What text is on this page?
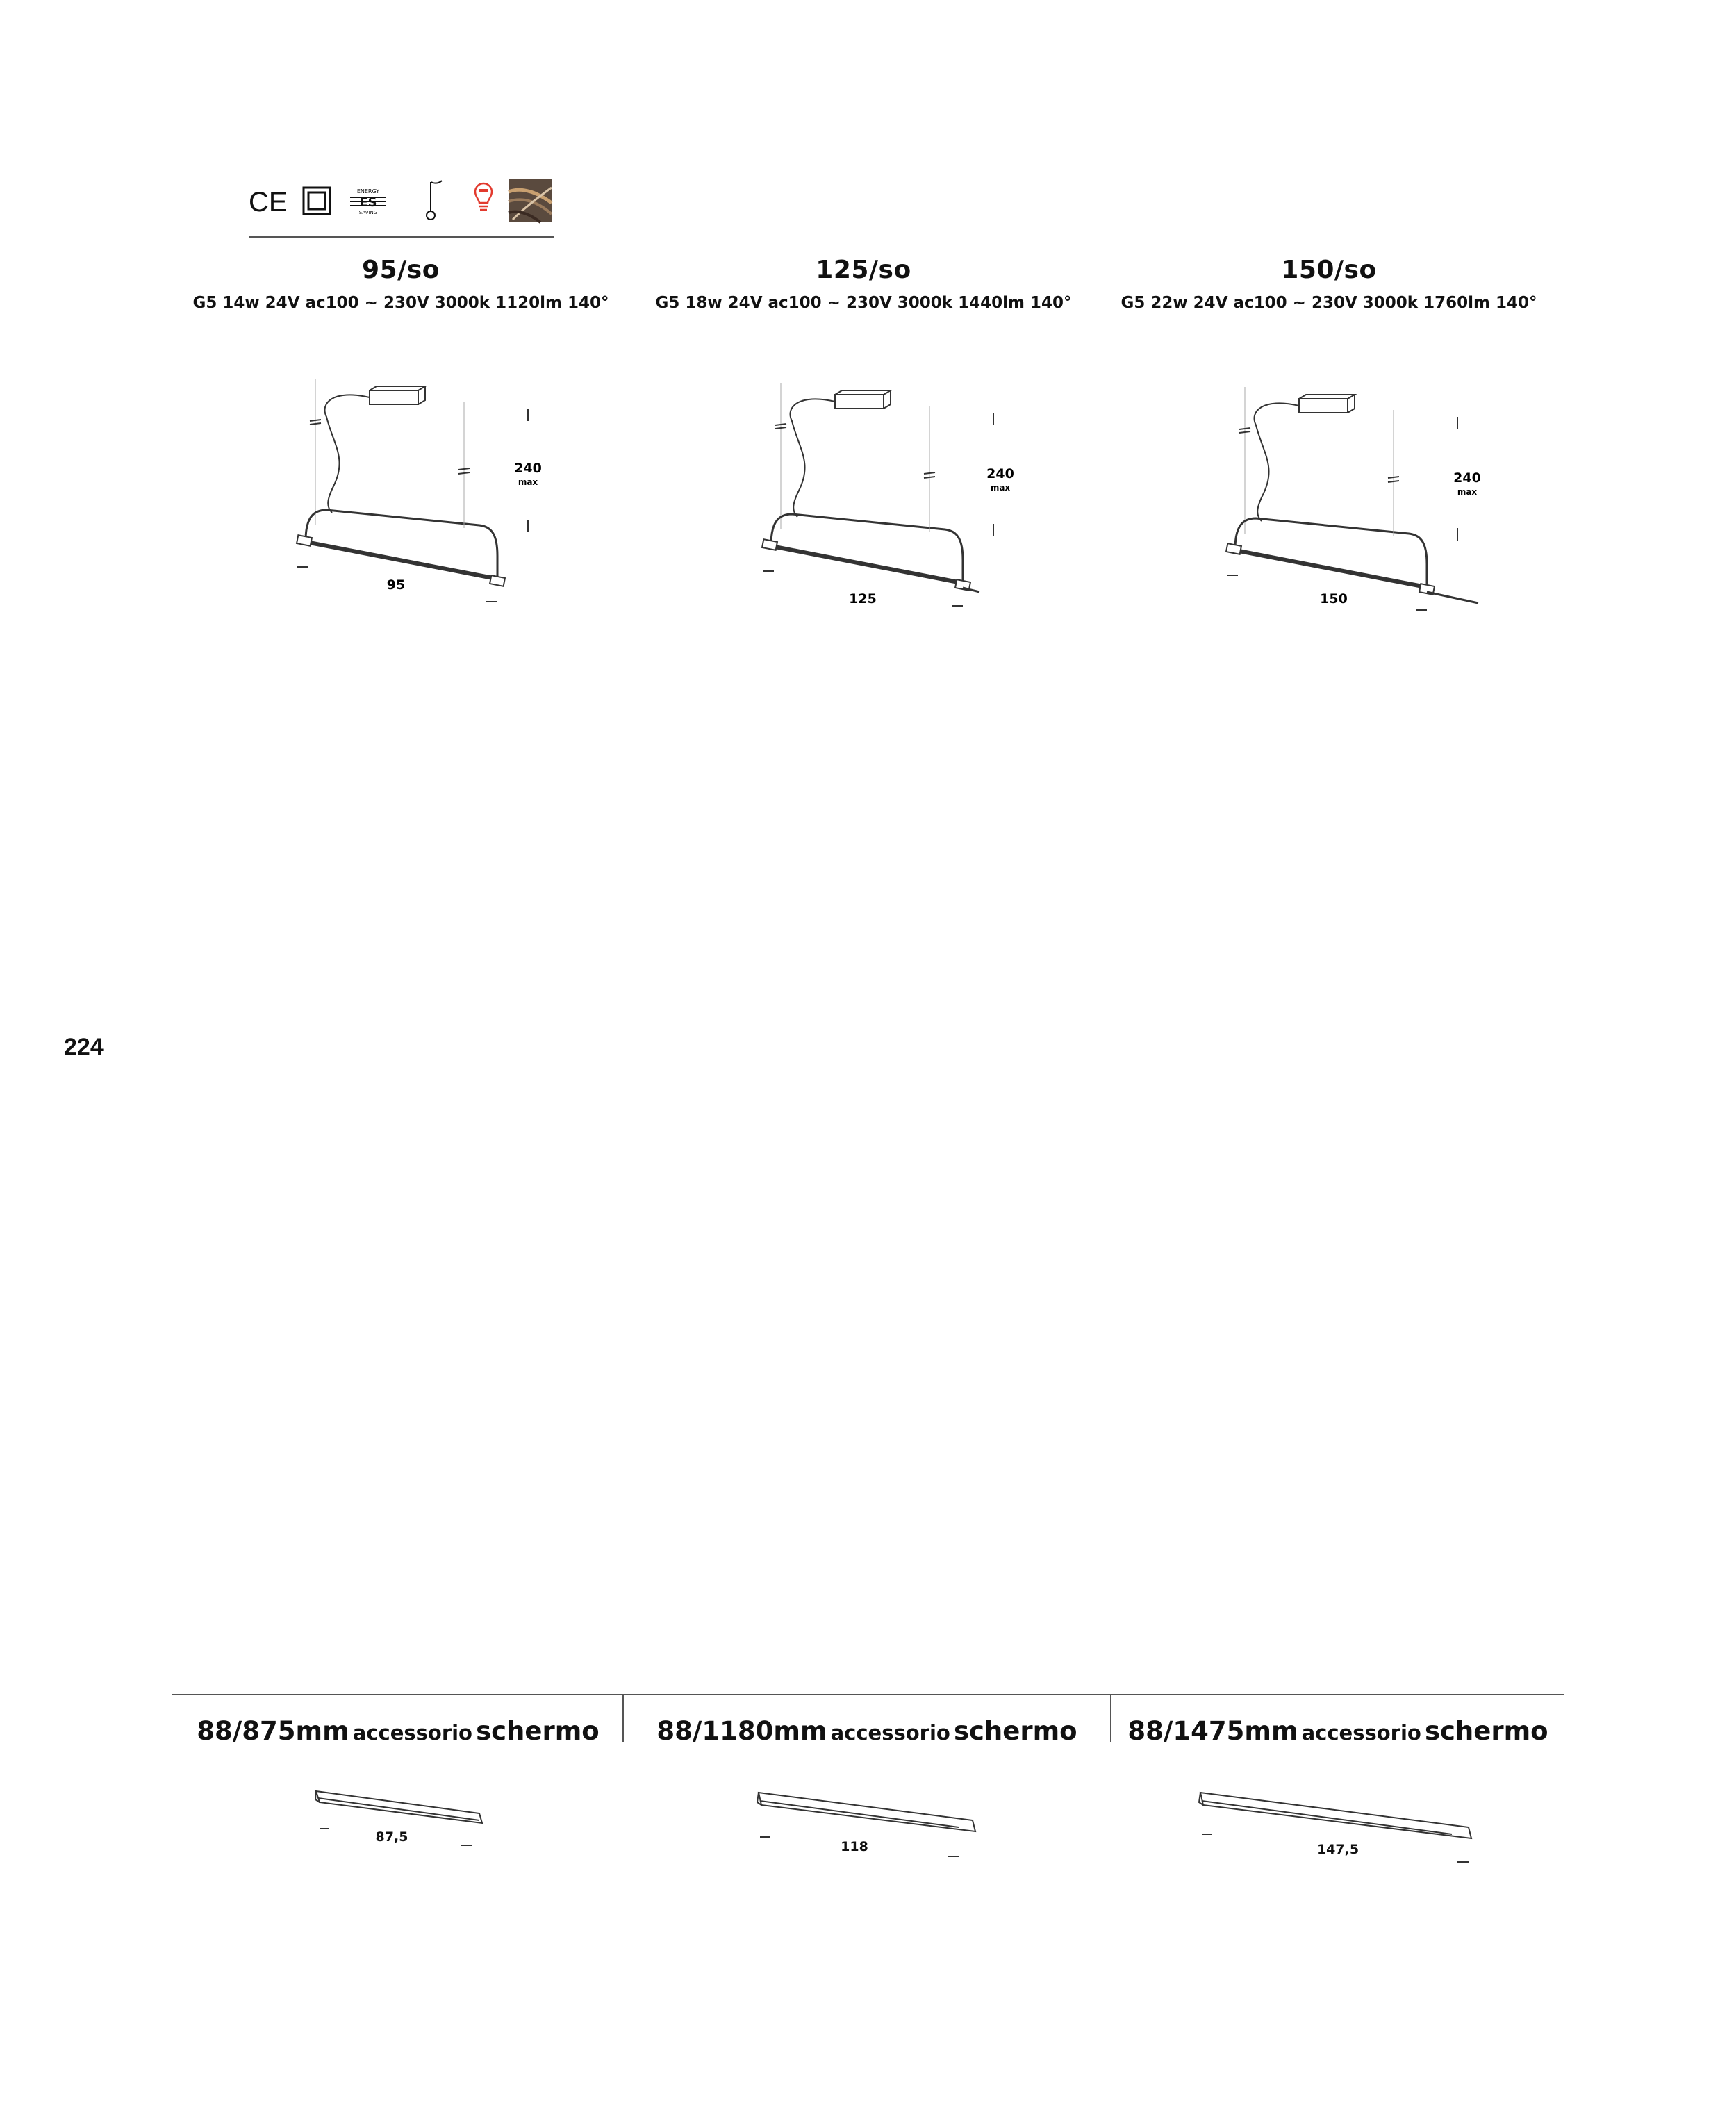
CE	ENERGY
ES
SAVING
95/so
G5 14w 24V ac100 ~ 230V 3000k 1120lm 140°
125/so
G5 18w 24V ac100 ~ 230V 3000k 1440lm 140°
150/so
G5 22w 24V ac100 ~ 230V 3000k 1760lm 140°
240
max
95
240
max
125
240
max
150
224
88/875mm accessorio schermo	88/1180mm accessorio schermo	88/1475mm accessorio schermo
87,5
118	147,5
